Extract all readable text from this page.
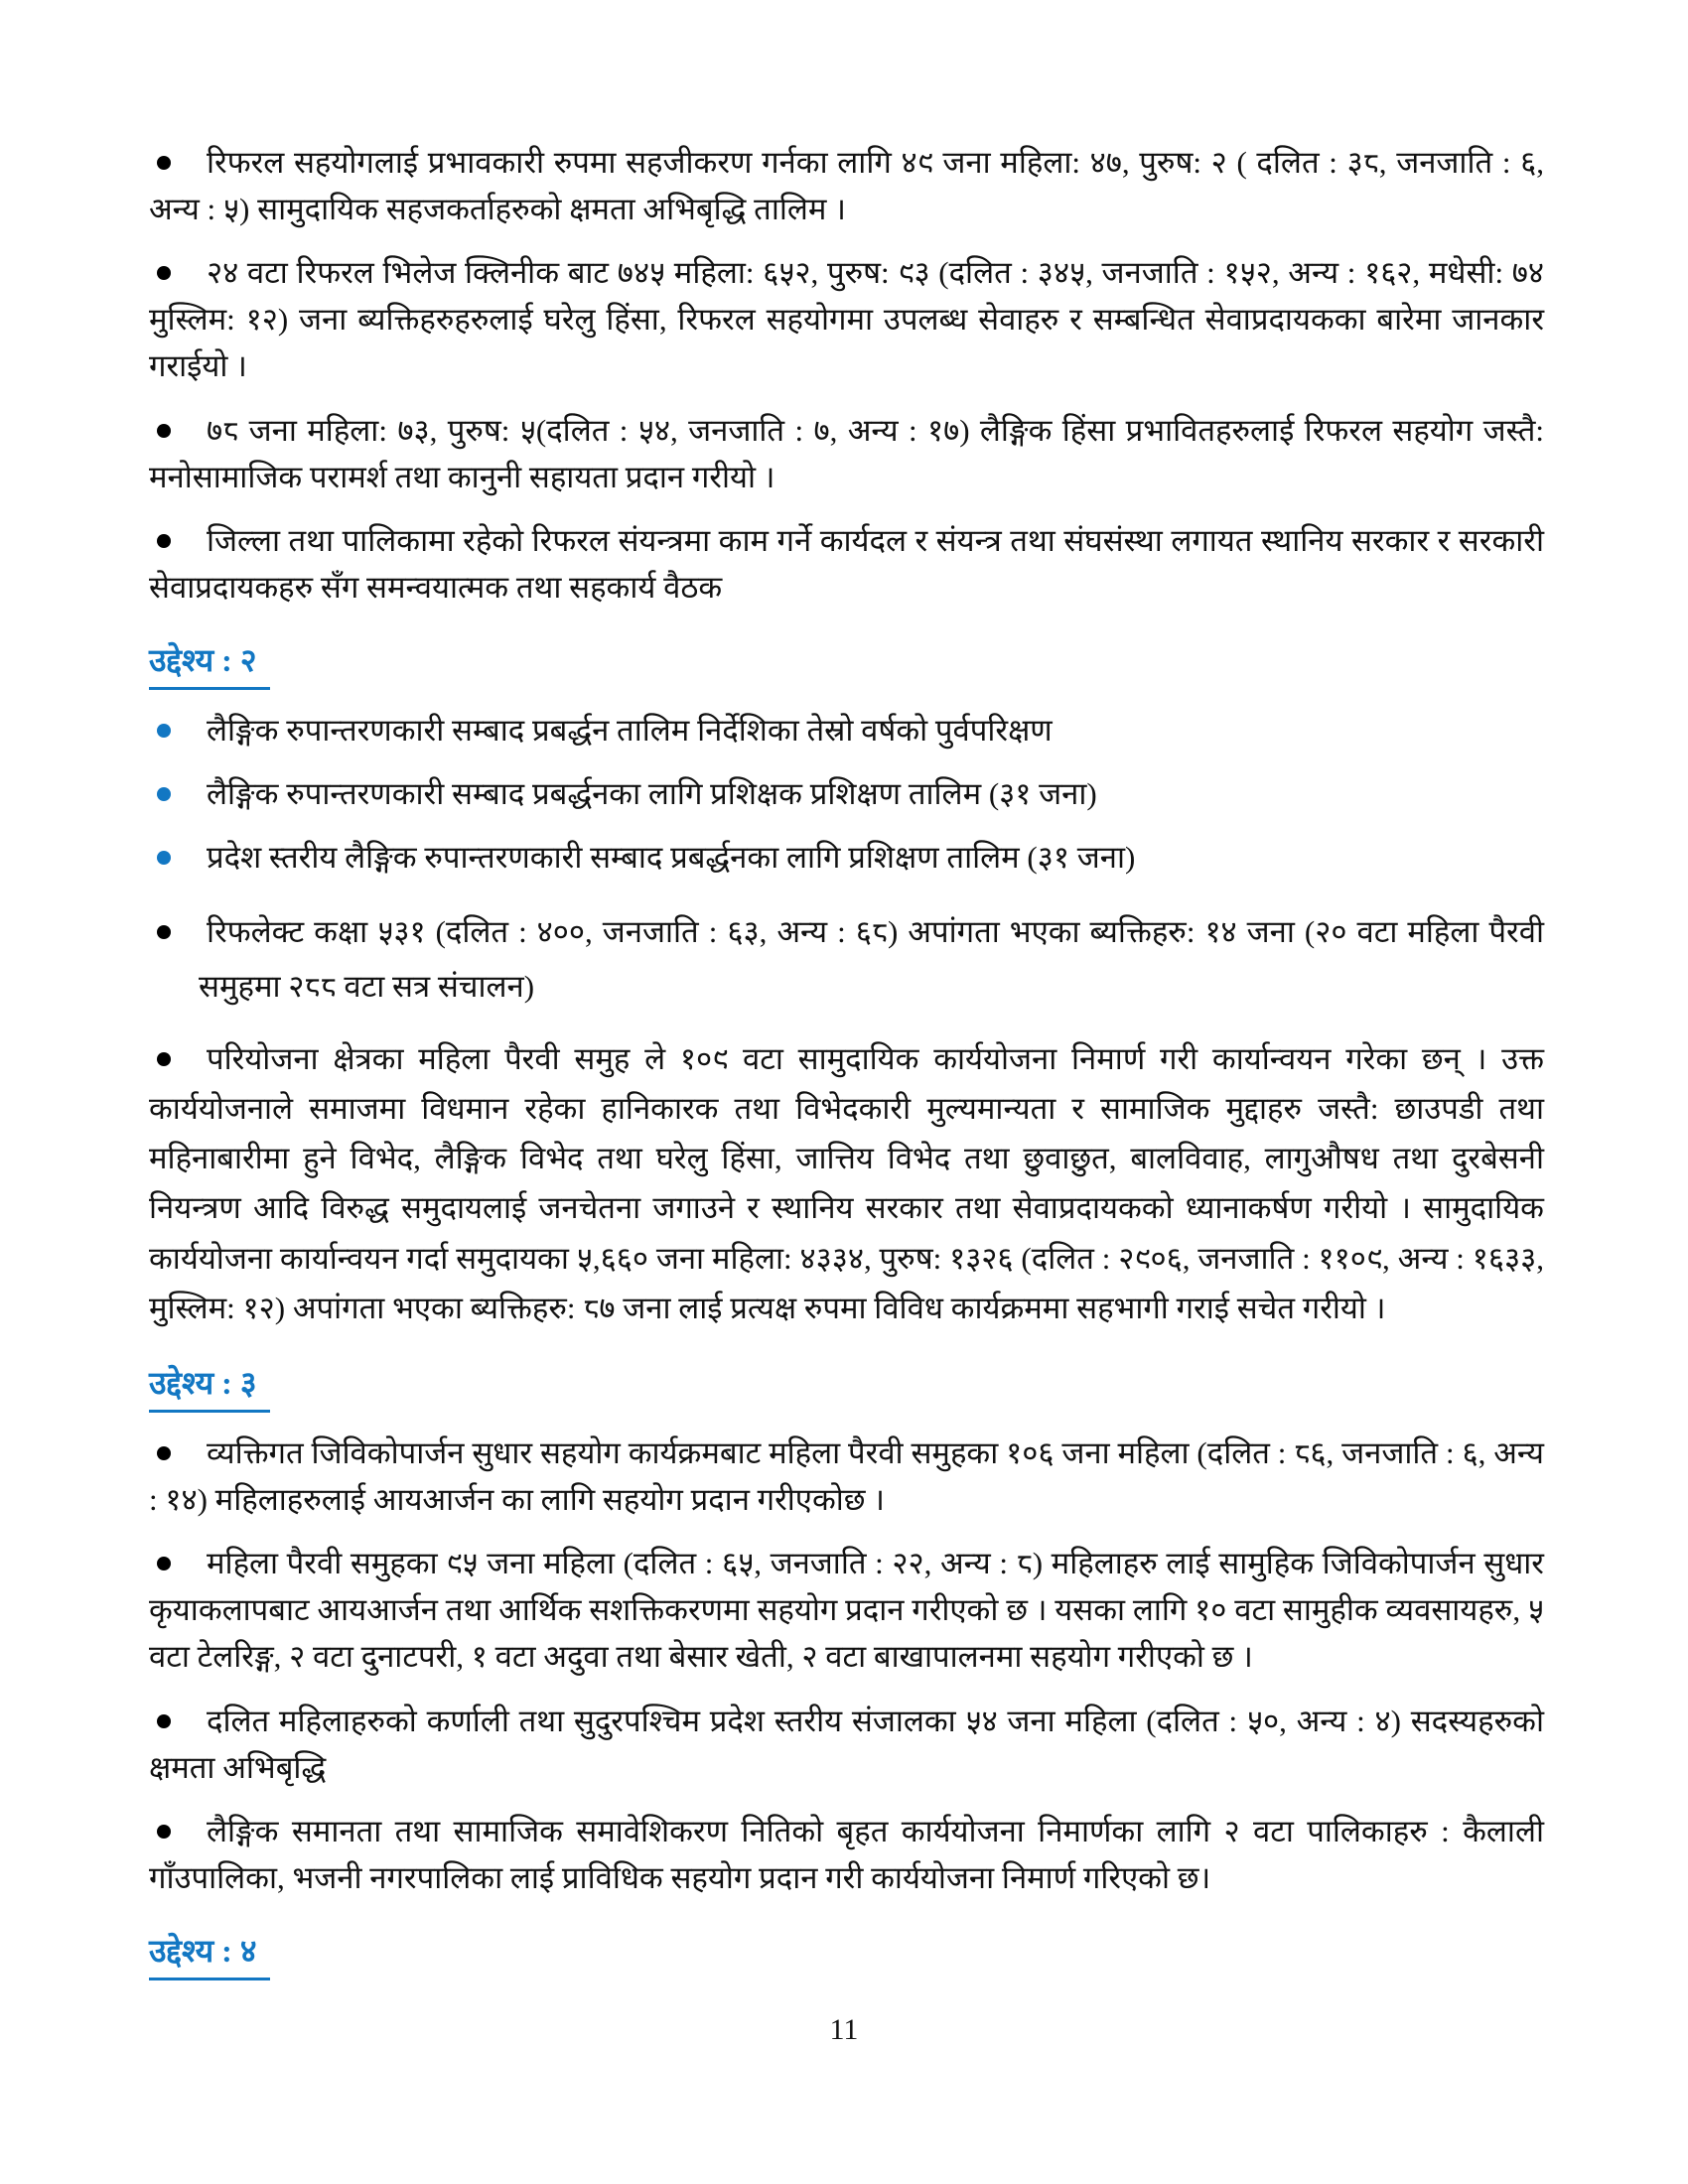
रिफरल सहयोगलाई प्रभावकारी रुपमा सहजीकरण गर्नका लागि ४९ जना महिला: ४७, पुरुष: २ ( दलित : ३८, जनजाति : ६, अन्य : ५) सामुदायिक सहजकर्ताहरुको क्षमता अभिबृद्धि तालिम ।

२४ वटा रिफरल भिलेज क्लिनीक बाट ७४५ महिला: ६५२, पुरुष: ९३ (दलित : ३४५, जनजाति : १५२, अन्य : १६२, मधेसी: ७४ मुस्लिम: १२) जना ब्यक्तिहरुहरुलाई घरेलु हिंसा, रिफरल सहयोगमा उपलब्ध सेवाहरु र सम्बन्धित सेवाप्रदायकका बारेमा जानकार गराईयो ।

७८ जना महिला: ७३, पुरुष: ५(दलित : ५४, जनजाति : ७, अन्य : १७) लैङ्गिक हिंसा प्रभावितहरुलाई रिफरल सहयोग जस्तै: मनोसामाजिक परामर्श तथा कानुनी सहायता प्रदान गरीयो ।

जिल्ला तथा पालिकामा रहेको रिफरल संयन्त्रमा काम गर्ने कार्यदल र संयन्त्र तथा संघसंस्था लगायत स्थानिय सरकार र सरकारी सेवाप्रदायकहरु सँग समन्वयात्मक तथा सहकार्य वैठक

उद्देश्य : २

लैङ्गिक रुपान्तरणकारी सम्बाद प्रबर्द्धन तालिम निर्देशिका तेस्रो वर्षको पुर्वपरिक्षण

लैङ्गिक रुपान्तरणकारी सम्बाद प्रबर्द्धनका लागि प्रशिक्षक प्रशिक्षण तालिम (३१ जना)

प्रदेश स्तरीय लैङ्गिक रुपान्तरणकारी सम्बाद प्रबर्द्धनका लागि प्रशिक्षण तालिम (३१ जना)

रिफलेक्ट कक्षा ५३१ (दलित : ४००, जनजाति : ६३, अन्य : ६८) अपांगता भएका ब्यक्तिहरु: १४ जना (२० वटा महिला पैरवी समुहमा २८८ वटा सत्र संचालन)

परियोजना क्षेत्रका महिला पैरवी समुह ले १०९ वटा सामुदायिक कार्ययोजना निमार्ण गरी कार्यान्वयन गरेका छन् । उक्त कार्ययोजनाले समाजमा विधमान रहेका हानिकारक तथा विभेदकारी मुल्यमान्यता र सामाजिक मुद्दाहरु जस्तै: छाउपडी तथा महिनाबारीमा हुने विभेद, लैङ्गिक विभेद तथा घरेलु हिंसा, जात्तिय विभेद तथा छुवाछुत, बालविवाह, लागुऔषध तथा दुरबेसनी नियन्त्रण आदि विरुद्ध समुदायलाई जनचेतना जगाउने र स्थानिय सरकार तथा सेवाप्रदायकको ध्यानाकर्षण गरीयो । सामुदायिक कार्ययोजना कार्यान्वयन गर्दा समुदायका ५,६६० जना महिला: ४३३४, पुरुष: १३२६ (दलित : २९०६, जनजाति : ११०९, अन्य : १६३३, मुस्लिम: १२) अपांगता भएका ब्यक्तिहरु: ८७ जना लाई प्रत्यक्ष रुपमा विविध कार्यक्रममा सहभागी गराई सचेत गरीयो ।

उद्देश्य : ३

व्यक्तिगत जिविकोपार्जन सुधार सहयोग कार्यक्रमबाट महिला पैरवी समुहका १०६ जना महिला (दलित : ८६, जनजाति : ६, अन्य : १४) महिलाहरुलाई आयआर्जन का लागि सहयोग प्रदान गरीएकोछ ।

महिला पैरवी समुहका ९५ जना महिला (दलित : ६५, जनजाति : २२, अन्य : ८) महिलाहरु लाई सामुहिक जिविकोपार्जन सुधार कृयाकलापबाट आयआर्जन तथा आर्थिक सशक्तिकरणमा सहयोग प्रदान गरीएको छ । यसका लागि १० वटा सामुहीक व्यवसायहरु, ५ वटा टेलरिङ्ग, २ वटा दुनाटपरी, १ वटा अदुवा तथा बेसार खेती, २ वटा बाखापालनमा सहयोग गरीएको छ ।

दलित महिलाहरुको कर्णाली तथा सुदुरपश्चिम प्रदेश स्तरीय संजालका ५४ जना महिला (दलित : ५०, अन्य : ४) सदस्यहरुको क्षमता अभिबृद्धि

लैङ्गिक समानता तथा सामाजिक समावेशिकरण नितिको बृहत कार्ययोजना निमार्णका लागि २ वटा पालिकाहरु : कैलाली गाँउपालिका, भजनी नगरपालिका लाई प्राविधिक सहयोग प्रदान गरी कार्ययोजना निमार्ण गरिएको छ।

उद्देश्य : ४
11
